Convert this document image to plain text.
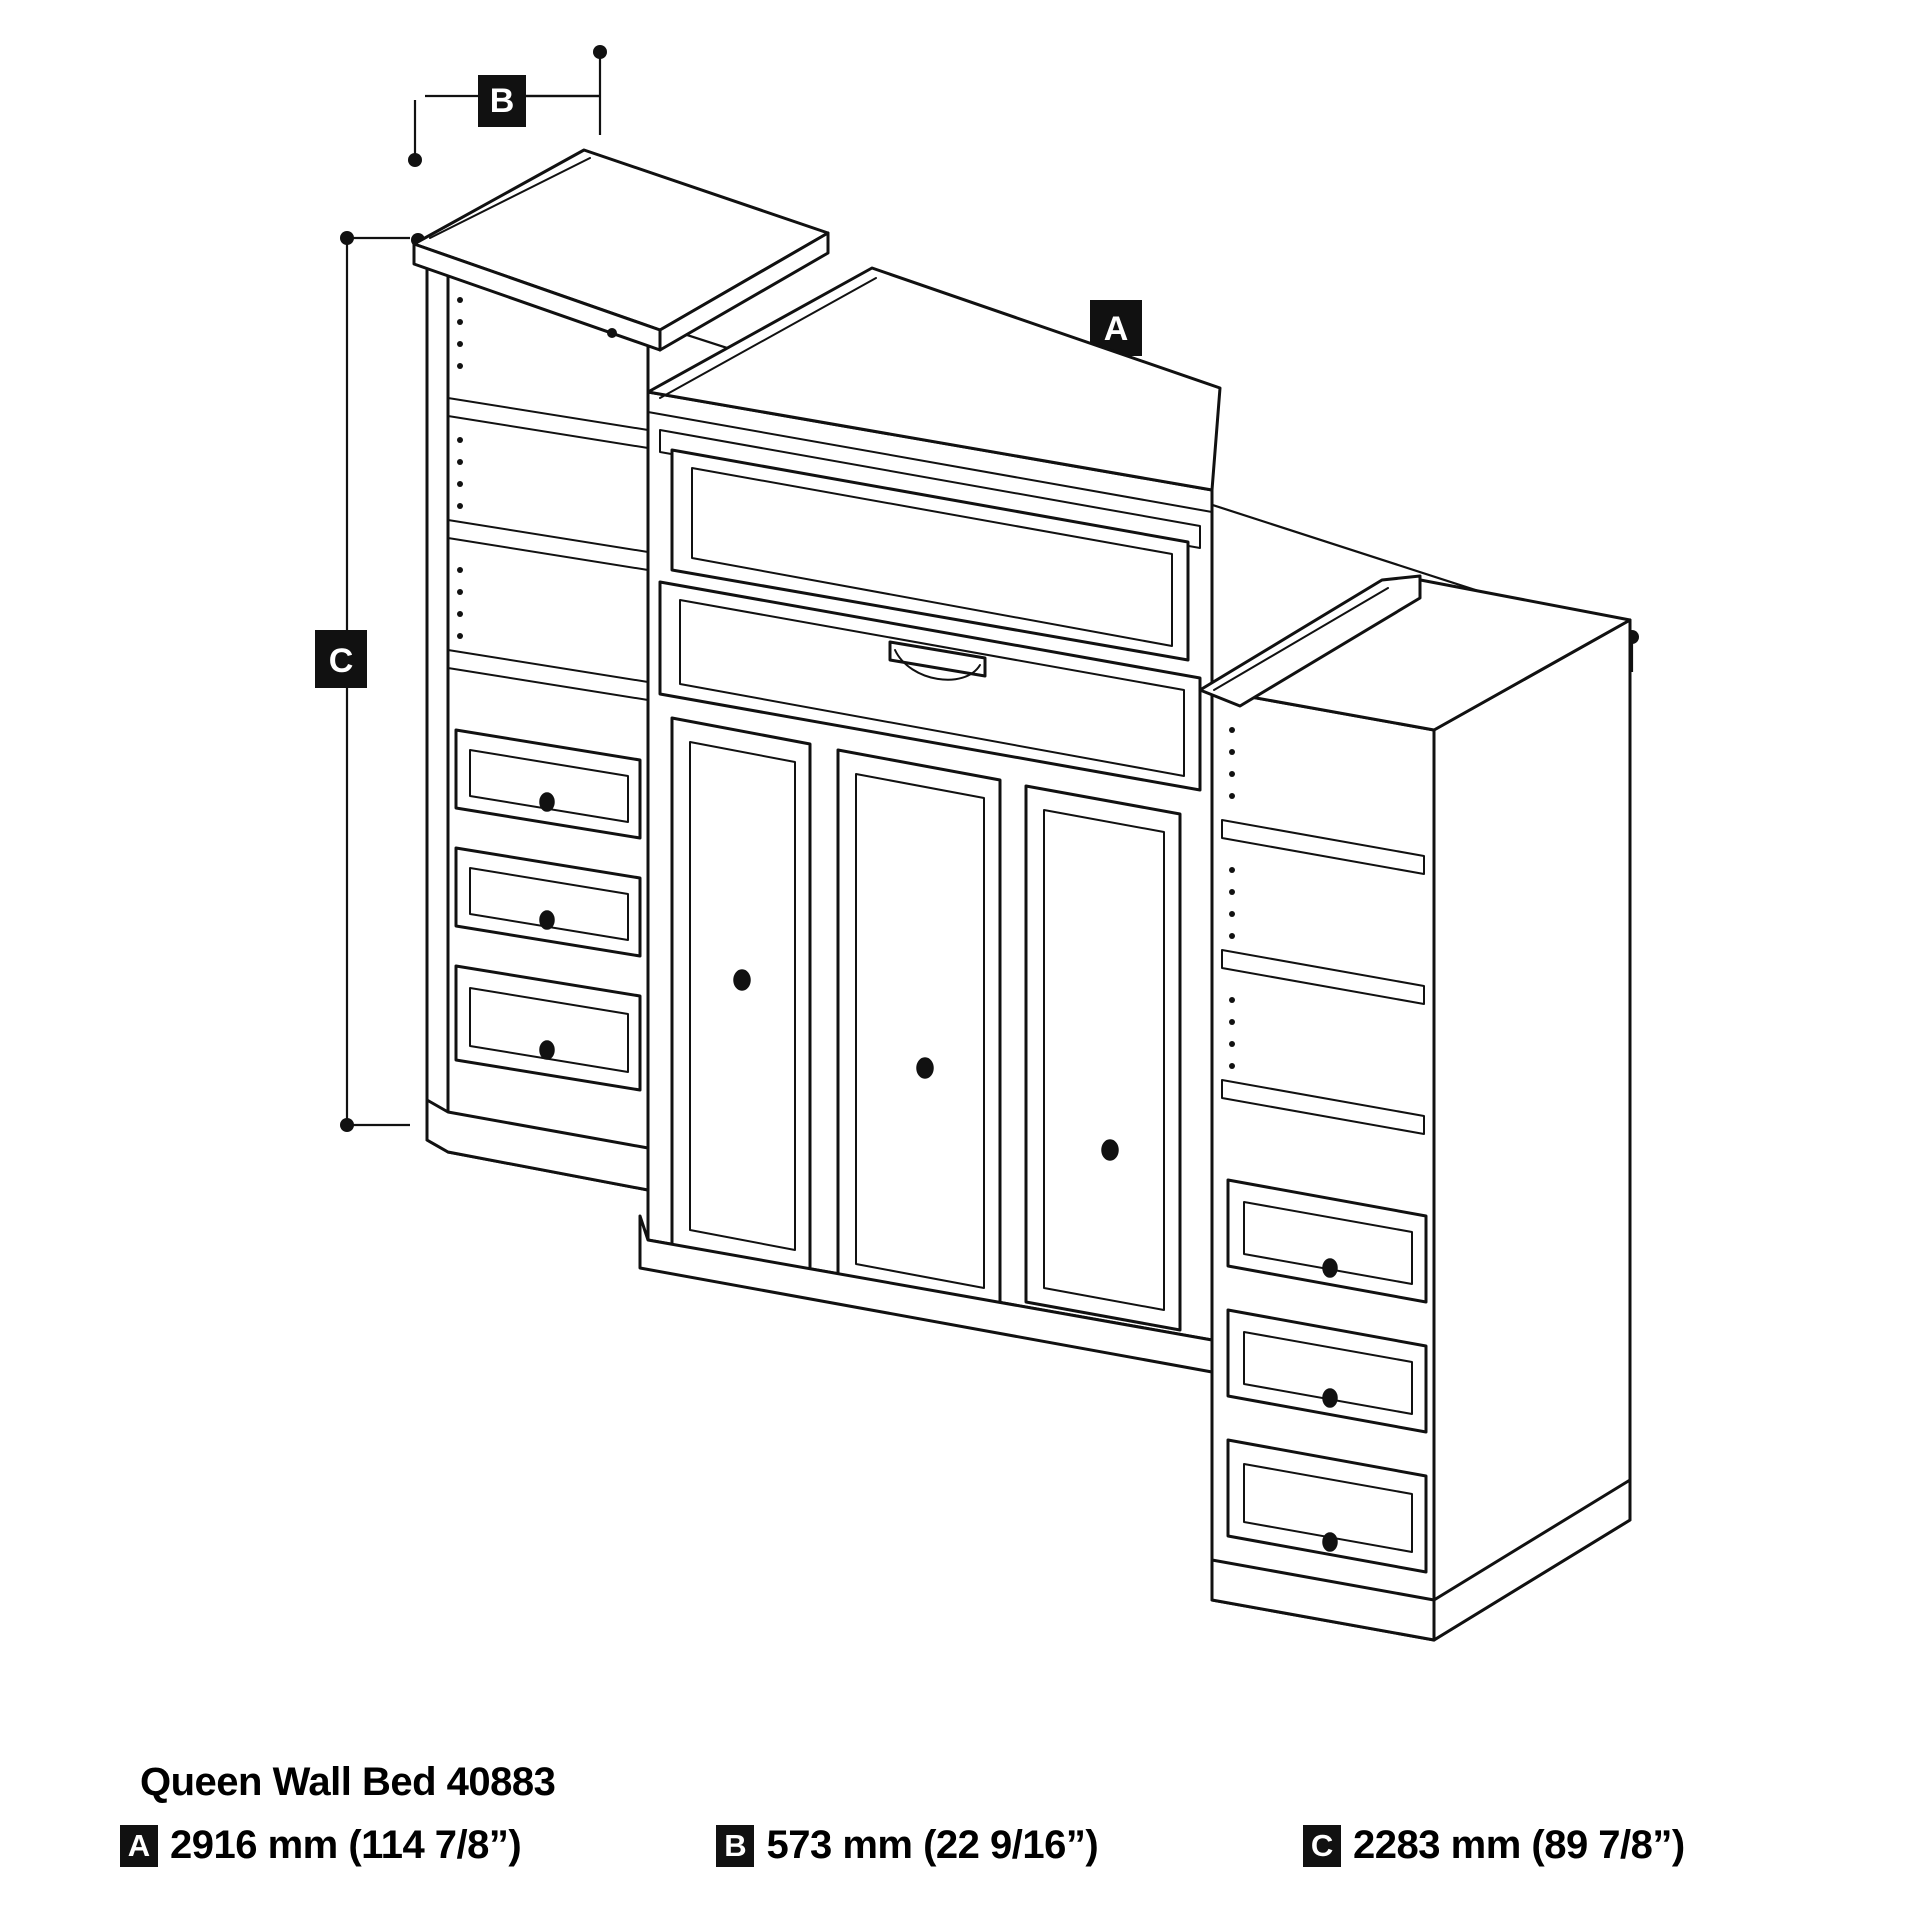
B
A
C
Queen Wall Bed 40883
A 2916 mm (114 7/8”)	B 573 mm (22 9/16”)	C 2283 mm (89 7/8”)
